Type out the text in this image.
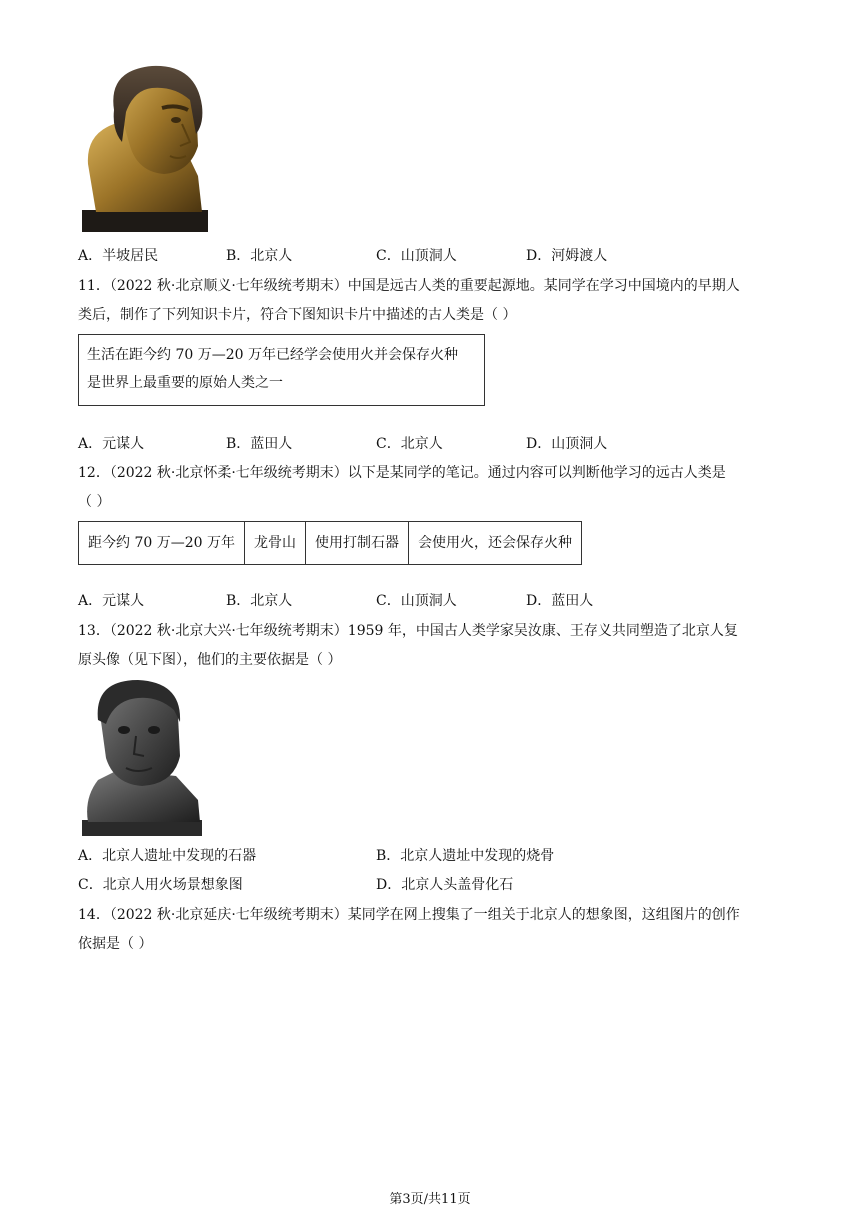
A．半坡居民	B．北京人	C．山顶洞人	D．河姆渡人
11．（2022 秋·北京顺义·七年级统考期末）中国是远古人类的重要起源地。某同学在学习中国境内的早期人
类后，制作了下列知识卡片，符合下图知识卡片中描述的古人类是（ ）
生活在距今约 70 万—20 万年已经学会使用火并会保存火种
是世界上最重要的原始人类之一
A．元谋人	B．蓝田人	C．北京人	D．山顶洞人
12．（2022 秋·北京怀柔·七年级统考期末）以下是某同学的笔记。通过内容可以判断他学习的远古人类是
（ ）
距今约 70 万—20 万年	龙骨山	使用打制石器	会使用火，还会保存火种
A．元谋人	B．北京人	C．山顶洞人	D．蓝田人
13．（2022 秋·北京大兴·七年级统考期末）1959 年，中国古人类学家吴汝康、王存义共同塑造了北京人复
原头像（见下图），他们的主要依据是（ ）
A．北京人遗址中发现的石器	B．北京人遗址中发现的烧骨
C．北京人用火场景想象图	D．北京人头盖骨化石
14．（2022 秋·北京延庆·七年级统考期末）某同学在网上搜集了一组关于北京人的想象图，这组图片的创作
依据是（ ）
第3页/共11页
